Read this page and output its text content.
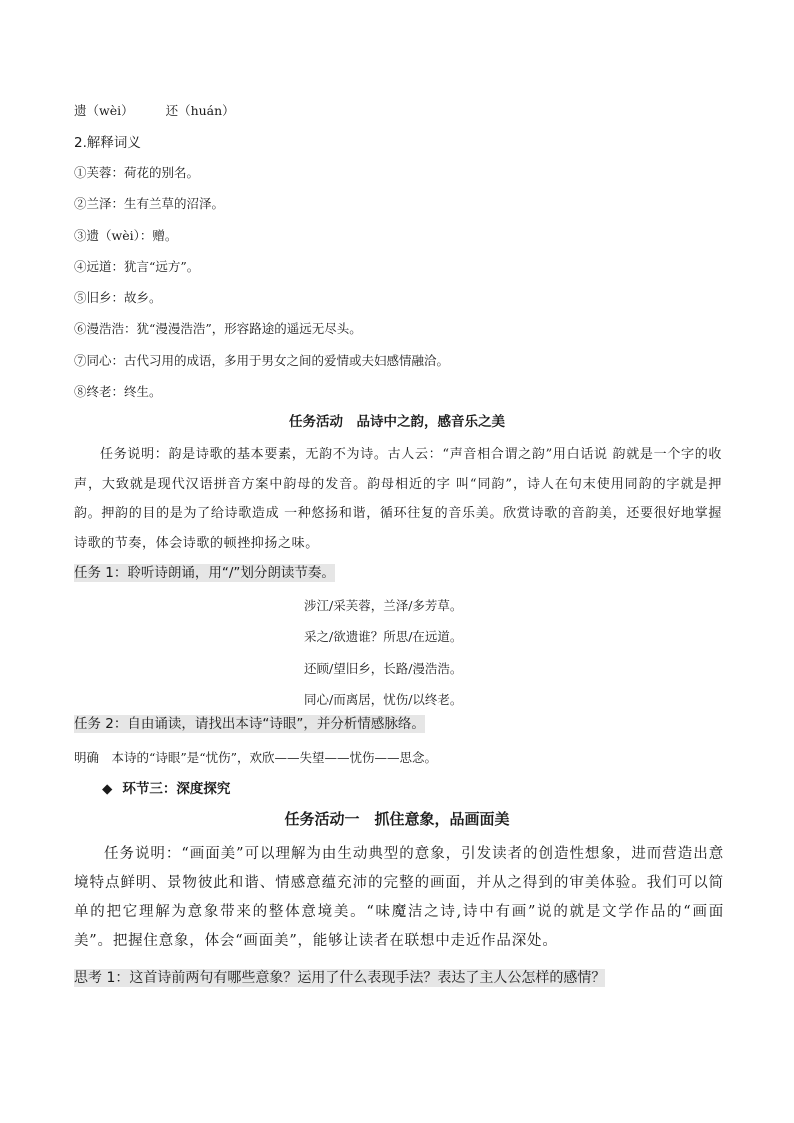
遗（wèi）	还（huán）
2.解释词义
①芙蓉：荷花的别名。
②兰泽：生有兰草的沼泽。
③遗（wèi）：赠。
④远道：犹言“远方”。
⑤旧乡：故乡。
⑥漫浩浩：犹“漫漫浩浩”，形容路途的遥远无尽头。
⑦同心：古代习用的成语，多用于男女之间的爱情或夫妇感情融洽。
⑧终老：终生。
任务活动　品诗中之韵，感音乐之美
任务说明：韵是诗歌的基本要素，无韵不为诗。古人云：“声音相合谓之韵”用白话说 韵就是一个字的收声，大致就是现代汉语拼音方案中韵母的发音。韵母相近的字 叫“同韵”，诗人在句末使用同韵的字就是押韵。押韵的目的是为了给诗歌造成 一种悠扬和谐，循环往复的音乐美。欣赏诗歌的音韵美，还要很好地掌握诗歌的节奏，体会诗歌的顿挫抑扬之味。
任务 1：聆听诗朗诵，用“/”划分朗读节奏。
涉江/采芙蓉，兰泽/多芳草。
采之/欲遗谁？所思/在远道。
还顾/望旧乡，长路/漫浩浩。
同心/而离居，忧伤/以终老。
任务 2：自由诵读，请找出本诗“诗眼”，并分析情感脉络。
明确　本诗的“诗眼”是“忧伤”，欢欣——失望——忧伤——思念。
◆ 环节三：深度探究
任务活动一　抓住意象，品画面美
任务说明：“画面美”可以理解为由生动典型的意象，引发读者的创造性想象，进而营造出意境特点鲜明、景物彼此和谐、情感意蕴充沛的完整的画面，并从之得到的审美体验。我们可以简单的把它理解为意象带来的整体意境美。“味魔洁之诗,诗中有画”说的就是文学作品的“画面美”。把握住意象，体会“画面美”，能够让读者在联想中走近作品深处。
思考 1：这首诗前两句有哪些意象？运用了什么表现手法？表达了主人公怎样的感情？
